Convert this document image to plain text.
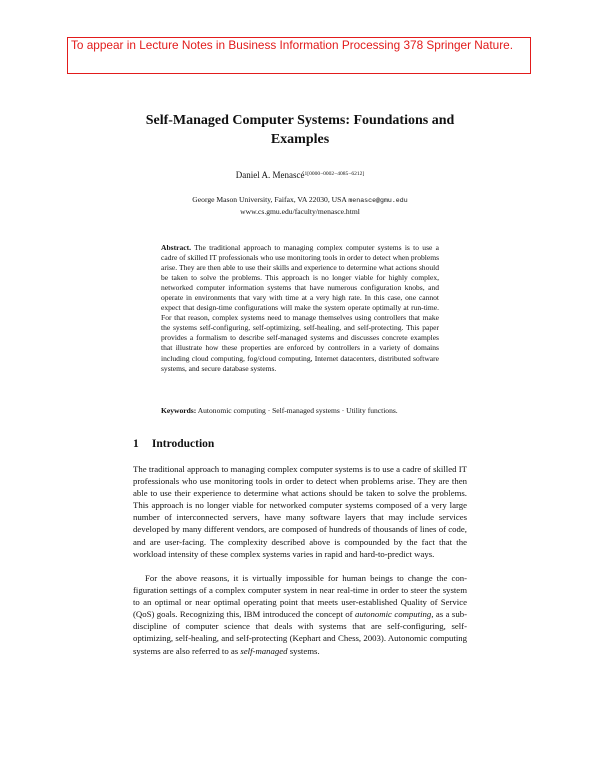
To appear in Lecture Notes in Business Information Processing 378 Springer Nature.
Self-Managed Computer Systems: Foundations and Examples
Daniel A. Menascé$^{1[0000-0002-4085-6212]}$
George Mason University, Faifax, VA 22030, USA menasce@gmu.edu
www.cs.gmu.edu/faculty/menasce.html
Abstract. The traditional approach to managing complex computer systems is to use a cadre of skilled IT professionals who use monitoring tools in order to detect when problems arise. They are then able to use their skills and experience to determine what actions should be taken to solve the problems. This approach is no longer viable for highly complex, networked computer information systems that have numerous configuration knobs, and operate in environments that vary with time at a very high rate. In this case, one cannot expect that design-time configurations will make the system operate optimally at run-time. For that reason, complex systems need to manage themselves using controllers that make the systems self-configuring, self-optimizing, self-healing, and self-protecting. This paper provides a formalism to describe self-managed systems and discusses concrete examples that illustrate how these properties are enforced by controllers in a variety of domains including cloud computing, fog/cloud computing, Internet datacenters, distributed software systems, and secure database systems.
Keywords: Autonomic computing · Self-managed systems · Utility functions.
1 Introduction

The traditional approach to managing complex computer systems is to use a cadre of skilled IT professionals who use monitoring tools in order to detect when problems arise. They are then able to use their experience to determine what actions should be taken to solve the problems. This approach is no longer viable for networked computer systems composed of a very large number of interconnected servers, have many software layers that may include services developed by many different vendors, are composed of hundreds of thousands of lines of code, and are user-facing. The complexity described above is compounded by the fact that the workload intensity of these complex systems varies in rapid and hard-to-predict ways.

For the above reasons, it is virtually impossible for human beings to change the configuration settings of a complex computer system in near real-time in order to steer the system to an optimal or near optimal operating point that meets user-established Quality of Service (QoS) goals. Recognizing this, IBM introduced the concept of autonomic computing, as a sub-discipline of computer science that deals with systems that are self-configuring, self-optimizing, self-healing, and self-protecting (Kephart and Chess, 2003). Autonomic computing systems are also referred to as self-managed systems.
